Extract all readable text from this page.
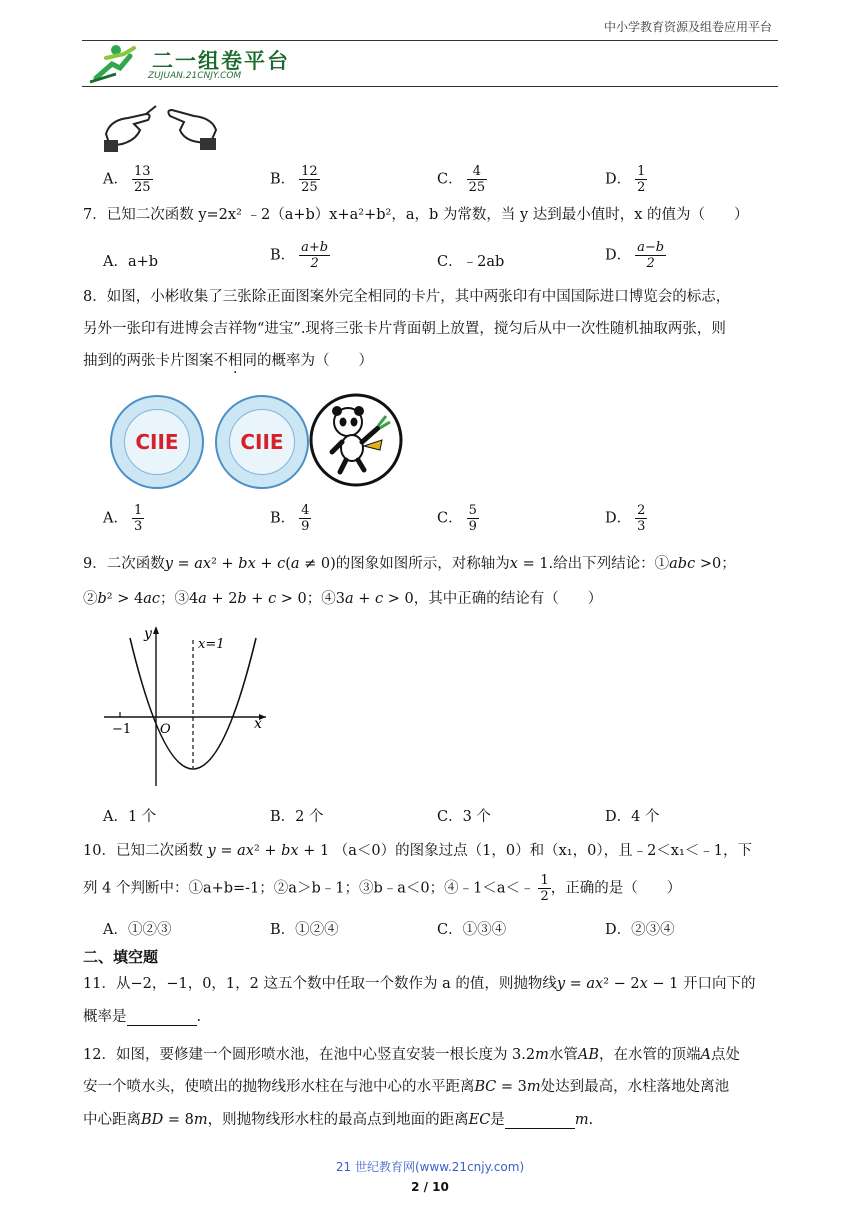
中小学教育资源及组卷应用平台
二一组卷平台
ZUJUAN.21CNJY.COM
A． $\frac{13}{25}$	B． $\frac{12}{25}$	C． $\frac{4}{25}$	D． $\frac{1}{2}$
7．已知二次函数 y=2x² ﹣2（a+b）x+a²+b²，a，b 为常数，当 y 达到最小值时，x 的值为（　　）
A．a+b	B． $\frac{a+b}{2}$	C．﹣2ab	D． $\frac{a-b}{2}$
8．如图，小彬收集了三张除正面图案外完全相同的卡片，其中两张印有中国国际进口博览会的标志，
另外一张印有进博会吉祥物“进宝”.现将三张卡片背面朝上放置，搅匀后从中一次性随机抽取两张，则
抽到的两张卡片图案不相同的概率为（　　）
CIIE	CIIE
A． $\frac{1}{3}$	B． $\frac{4}{9}$	C． $\frac{5}{9}$	D． $\frac{2}{3}$
9．二次函数𝑦 = 𝑎𝑥² + 𝑏𝑥 + 𝑐(𝑎 ≠ 0)的图象如图所示，对称轴为𝑥 = 1.给出下列结论：①𝑎𝑏𝑐 >0；
②𝑏² > 4𝑎𝑐；③4𝑎 + 2𝑏 + 𝑐 > 0；④3𝑎 + 𝑐 > 0，其中正确的结论有（　　）
y
x=1
x
O
−1
A．1 个	B．2 个	C．3 个	D．4 个
10．已知二次函数 𝑦 = 𝑎𝑥² + 𝑏𝑥 + 1 （a＜0）的图象过点（1，0）和（x₁，0），且﹣2＜x₁＜﹣1，下
列 4 个判断中：①a+b=-1；②a＞b﹣1；③b﹣a＜0；④﹣1＜a＜﹣ $\frac{1}{2}$ ，正确的是（　　）
A．①②③	B．①②④	C．①③④	D．②③④
二、填空题
11．从−2，−1，0，1，2 这五个数中任取一个数作为 a 的值，则抛物线𝑦 = 𝑎𝑥² − 2𝑥 − 1 开口向下的
概率是	.
12．如图，要修建一个圆形喷水池，在池中心竖直安装一根长度为 3.2𝑚水管𝐴𝐵，在水管的顶端𝐴点处
安一个喷水头，使喷出的抛物线形水柱在与池中心的水平距离𝐵𝐶 = 3𝑚处达到最高，水柱落地处离池
中心距离𝐵𝐷 = 8𝑚，则抛物线形水柱的最高点到地面的距离𝐸𝐶是	𝑚.
21 世纪教育网(www.21cnjy.com)
2 / 10
